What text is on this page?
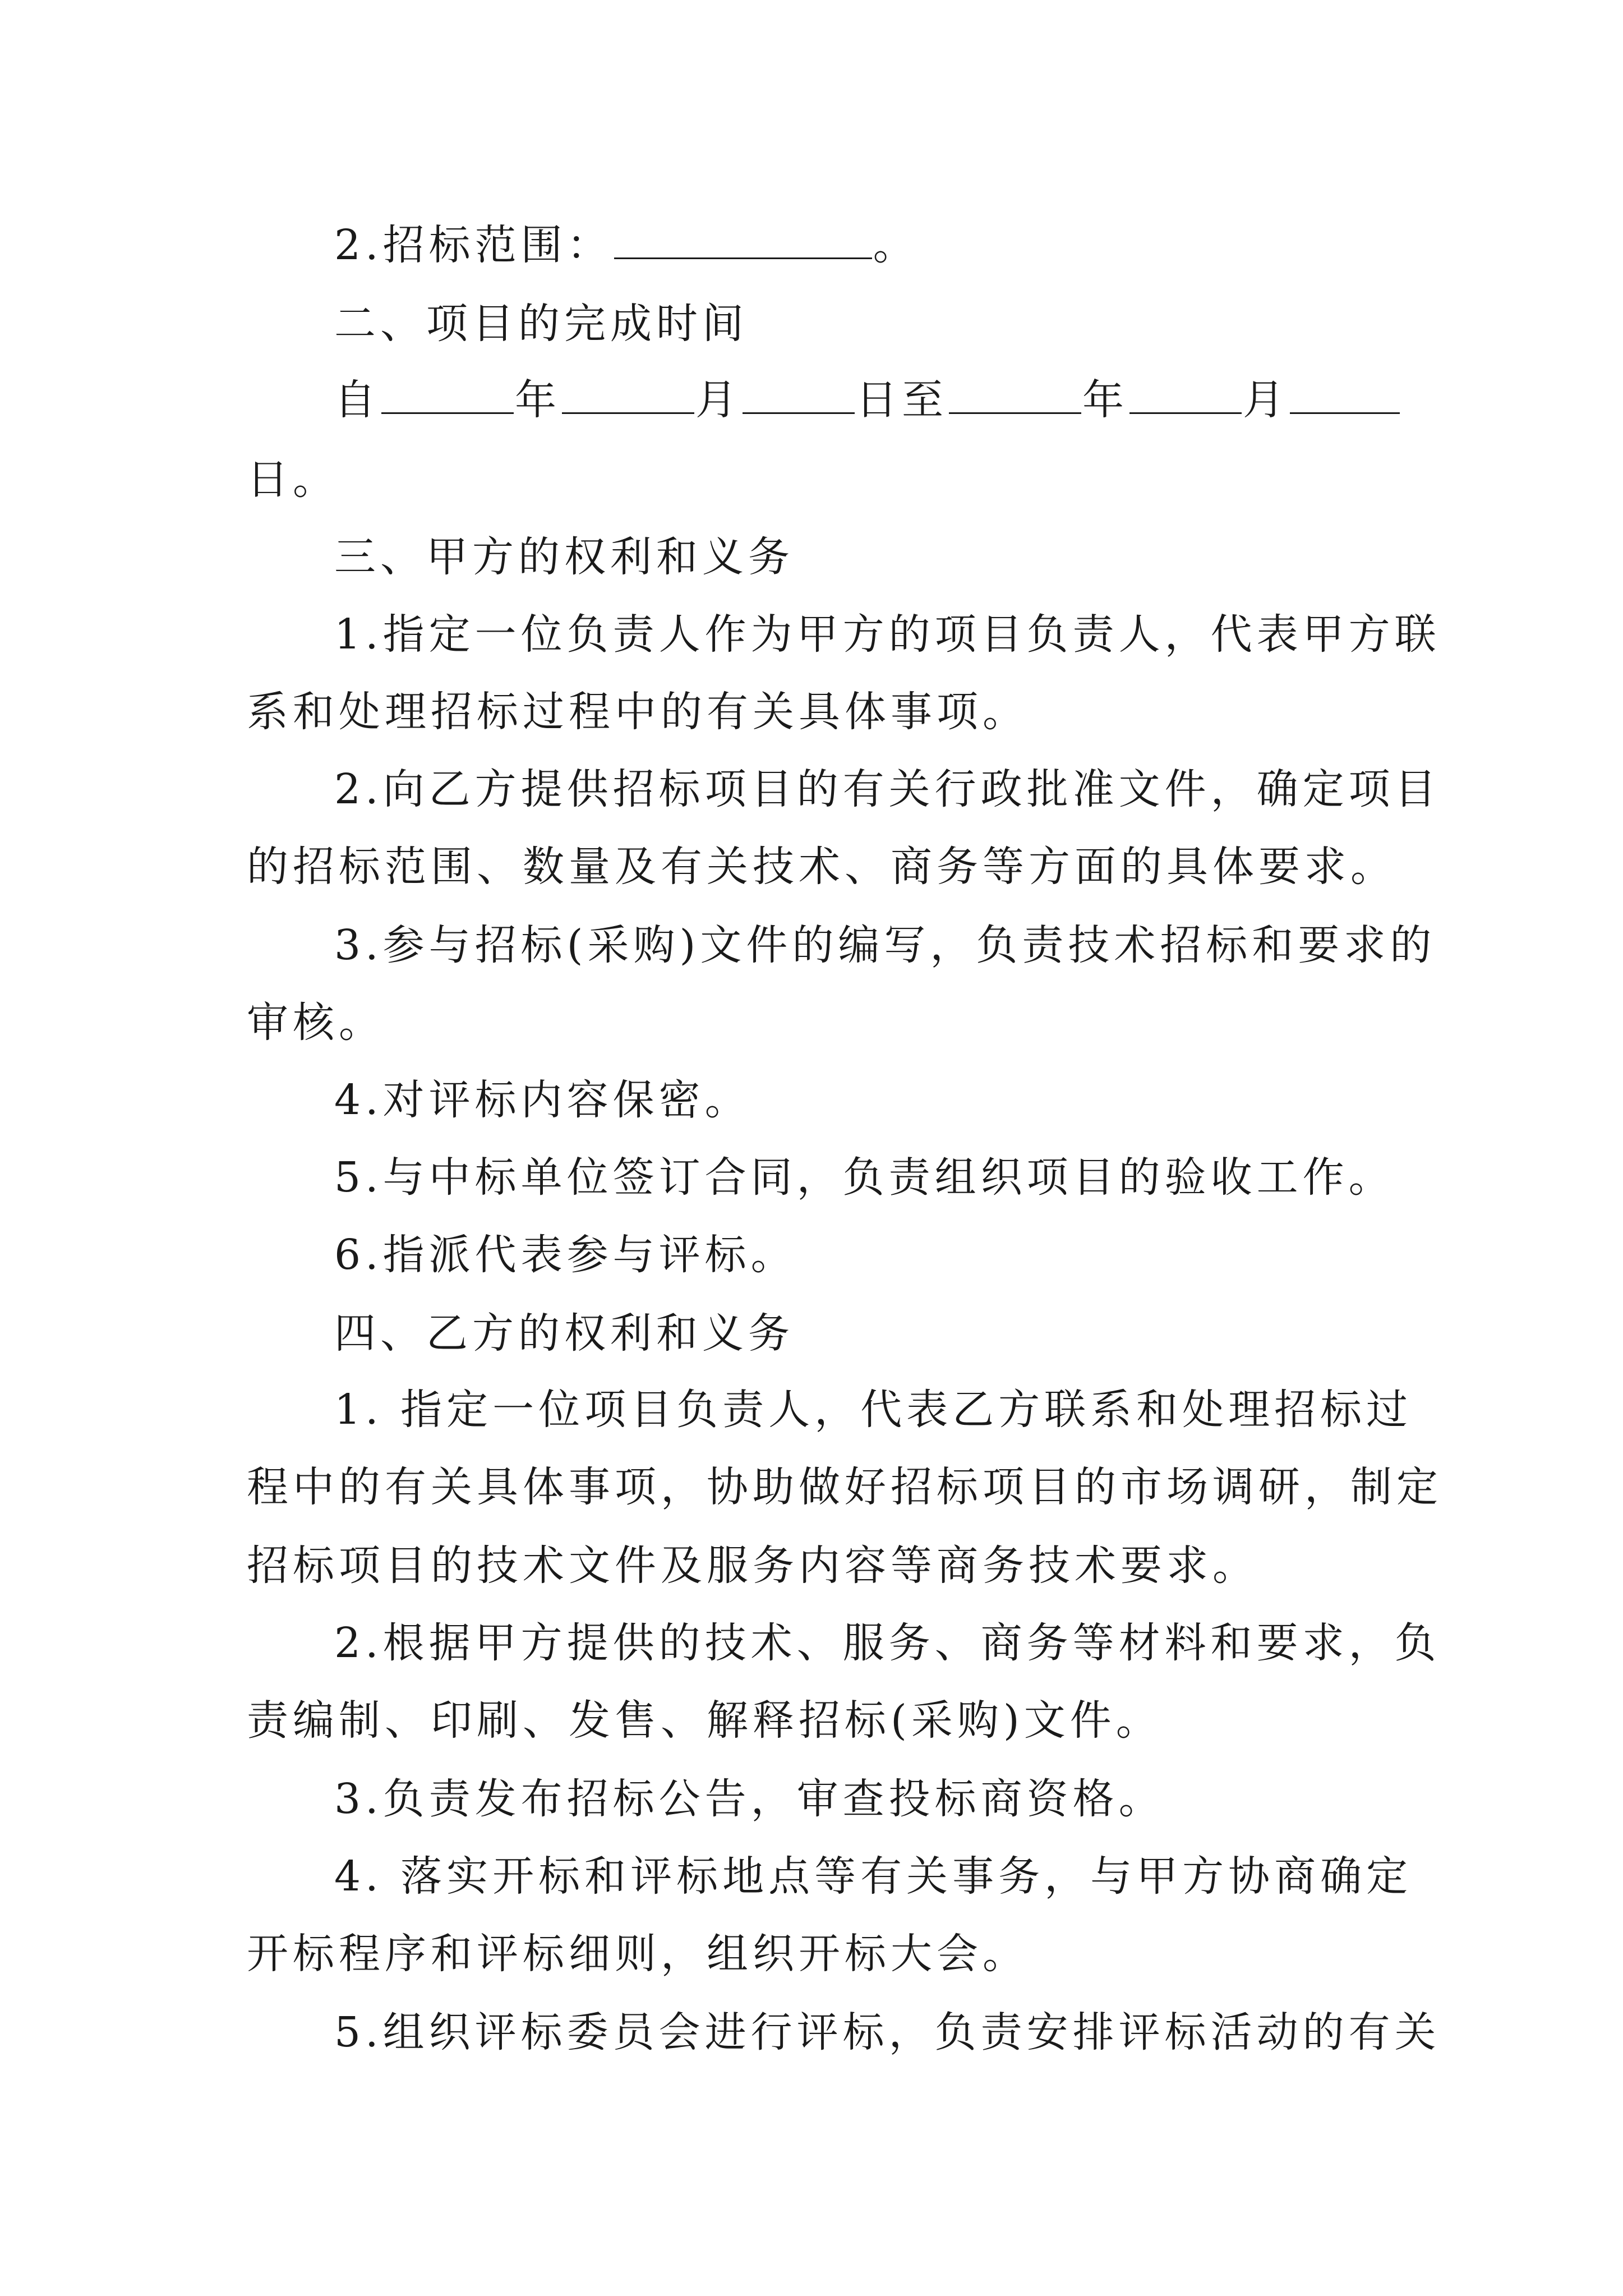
2.招标范围：	。
二、项目的完成时间
自	年	月	日至	年	月
日。
三、甲方的权利和义务
1.指定一位负责人作为甲方的项目负责人，代表甲方联
系和处理招标过程中的有关具体事项。
2.向乙方提供招标项目的有关行政批准文件，确定项目
的招标范围、数量及有关技术、商务等方面的具体要求。
3.参与招标(采购)文件的编写，负责技术招标和要求的
审核。
4.对评标内容保密。
5.与中标单位签订合同，负责组织项目的验收工作。
6.指派代表参与评标。
四、乙方的权利和义务
1. 指定一位项目负责人，代表乙方联系和处理招标过
程中的有关具体事项，协助做好招标项目的市场调研，制定
招标项目的技术文件及服务内容等商务技术要求。
2.根据甲方提供的技术、服务、商务等材料和要求，负
责编制、印刷、发售、解释招标(采购)文件。
3.负责发布招标公告，审查投标商资格。
4. 落实开标和评标地点等有关事务，与甲方协商确定
开标程序和评标细则，组织开标大会。
5.组织评标委员会进行评标，负责安排评标活动的有关
